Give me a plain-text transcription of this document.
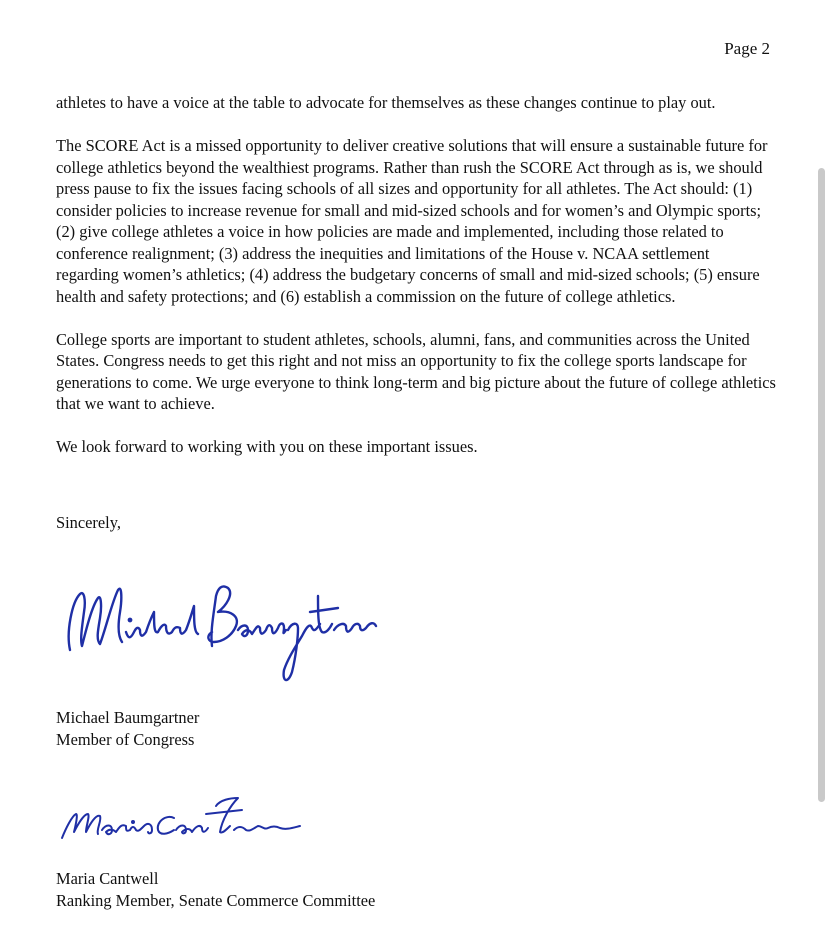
Page 2

athletes to have a voice at the table to advocate for themselves as these changes continue to play out.

The SCORE Act is a missed opportunity to deliver creative solutions that will ensure a sustainable future for college athletics beyond the wealthiest programs. Rather than rush the SCORE Act through as is, we should press pause to fix the issues facing schools of all sizes and opportunity for all athletes. The Act should: (1) consider policies to increase revenue for small and mid-sized schools and for women’s and Olympic sports; (2) give college athletes a voice in how policies are made and implemented, including those related to conference realignment; (3) address the inequities and limitations of the House v. NCAA settlement regarding women’s athletics; (4) address the budgetary concerns of small and mid-sized schools; (5) ensure health and safety protections; and (6) establish a commission on the future of college athletics.

College sports are important to student athletes, schools, alumni, fans, and communities across the United States. Congress needs to get this right and not miss an opportunity to fix the college sports landscape for generations to come. We urge everyone to think long-term and big picture about the future of college athletics that we want to achieve.

We look forward to working with you on these important issues.

Sincerely,
Michael Baumgartner
Member of Congress
Maria Cantwell
Ranking Member, Senate Commerce Committee
